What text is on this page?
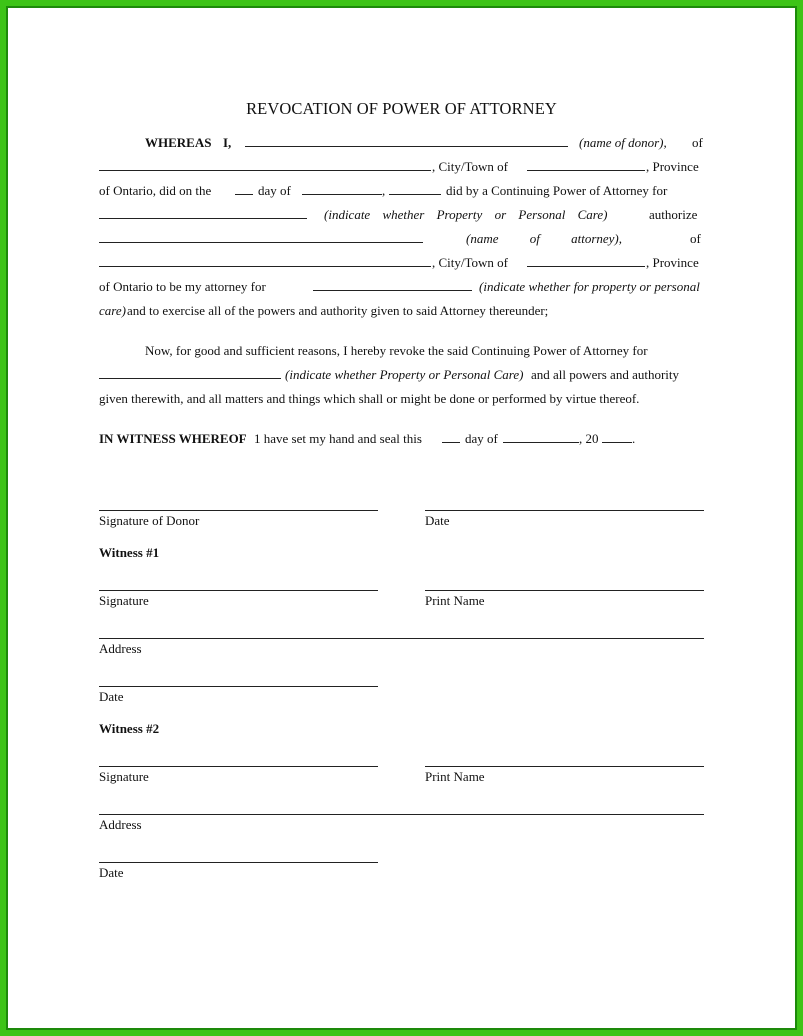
REVOCATION OF POWER OF ATTORNEY
WHEREAS I,	(name of donor), of
, City/Town of	, Province
of Ontario, did on the	day of	,	did by a Continuing Power of Attorney for
(indicate whether Property or Personal Care)	authorize
(name of attorney),	of
, City/Town of	, Province
of Ontario to be my attorney for	(indicate whether for property or personal
care) and to exercise all of the powers and authority given to said Attorney thereunder;
Now, for good and sufficient reasons, I hereby revoke the said Continuing Power of Attorney for
(indicate whether Property or Personal Care) and all powers and authority
given therewith, and all matters and things which shall or might be done or performed by virtue thereof.
IN WITNESS WHEREOF 1 have set my hand and seal this	day of	, 20	.
Signature of Donor	Date
Witness #1
Signature	Print Name
Address
Date
Witness #2
Signature	Print Name
Address
Date
